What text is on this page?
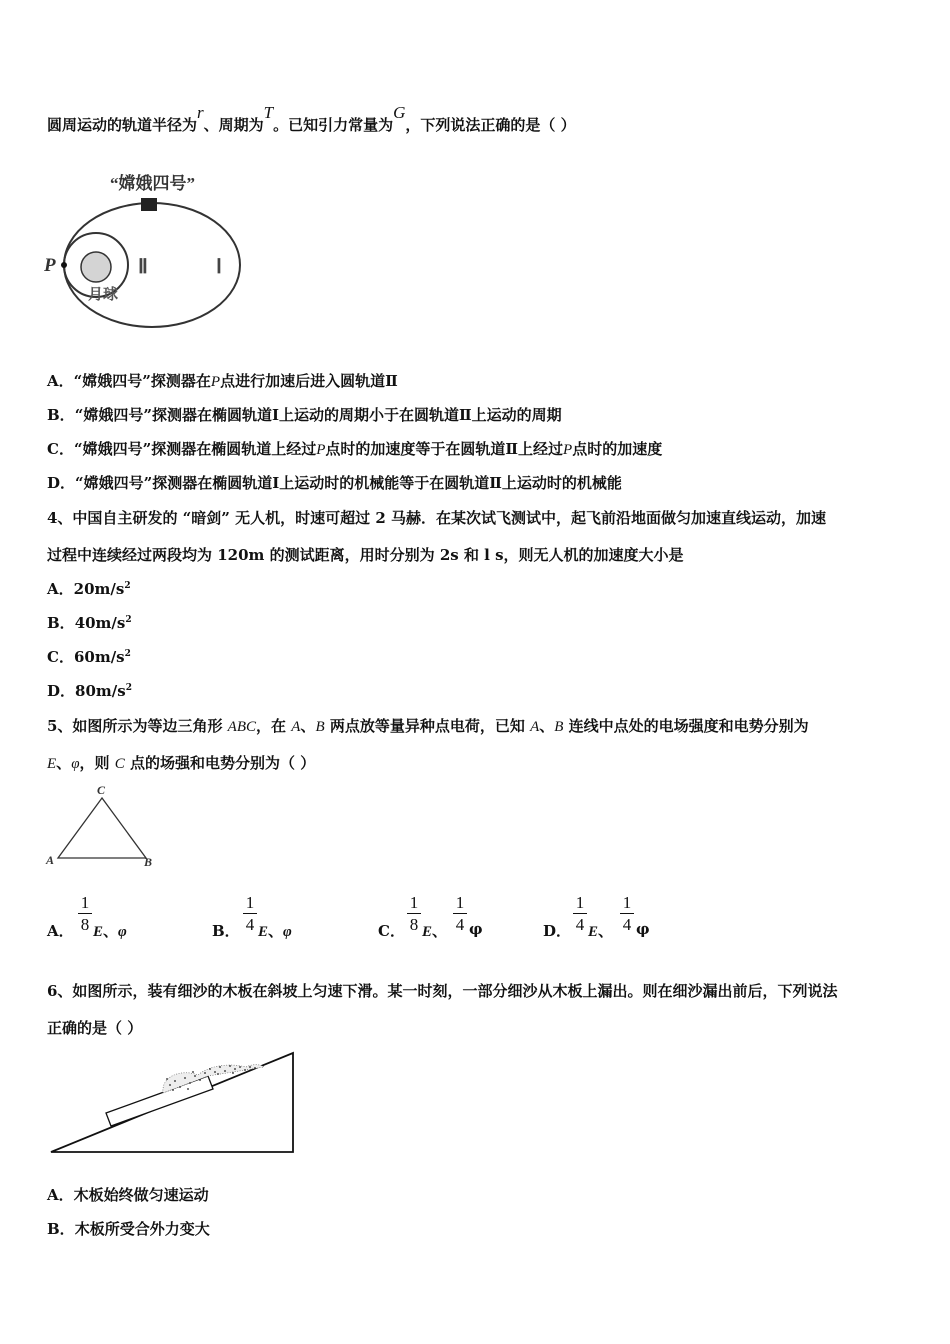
圆周运动的轨道半径为r、周期为T。已知引力常量为G，下列说法正确的是（ ）
“嫦娥四号”
P	Ⅱ	Ⅰ
月球
A．“嫦娥四号”探测器在P点进行加速后进入圆轨道Ⅱ
B．“嫦娥四号”探测器在椭圆轨道Ⅰ上运动的周期小于在圆轨道Ⅱ上运动的周期
C．“嫦娥四号”探测器在椭圆轨道上经过P点时的加速度等于在圆轨道Ⅱ上经过P点时的加速度
D．“嫦娥四号”探测器在椭圆轨道Ⅰ上运动时的机械能等于在圆轨道Ⅱ上运动时的机械能
4、中国自主研发的 “暗剑” 无人机，时速可超过 2 马赫．在某次试飞测试中，起飞前沿地面做匀加速直线运动，加速
过程中连续经过两段均为 120m 的测试距离，用时分别为 2s 和 l s，则无人机的加速度大小是
A．$20m/s^2$
B．$40m/s^2$
C．$60m/s^2$
D．$80m/s^2$
5、如图所示为等边三角形 ABC，在 A、B 两点放等量异种点电荷，已知 A、B 连线中点处的电场强度和电势分别为
E、φ，则 C 点的场强和电势分别为（ ）
C
A	B
A． $\frac{1}{8}$ E、φ	B． $\frac{1}{4}$ E、φ	C． $\frac{1}{8}$ E、 $\frac{1}{4}$ φ	D． $\frac{1}{4}$ E、 $\frac{1}{4}$ φ
6、如图所示，装有细沙的木板在斜坡上匀速下滑。某一时刻，一部分细沙从木板上漏出。则在细沙漏出前后，下列说法
正确的是（ ）
A．木板始终做匀速运动
B．木板所受合外力变大
